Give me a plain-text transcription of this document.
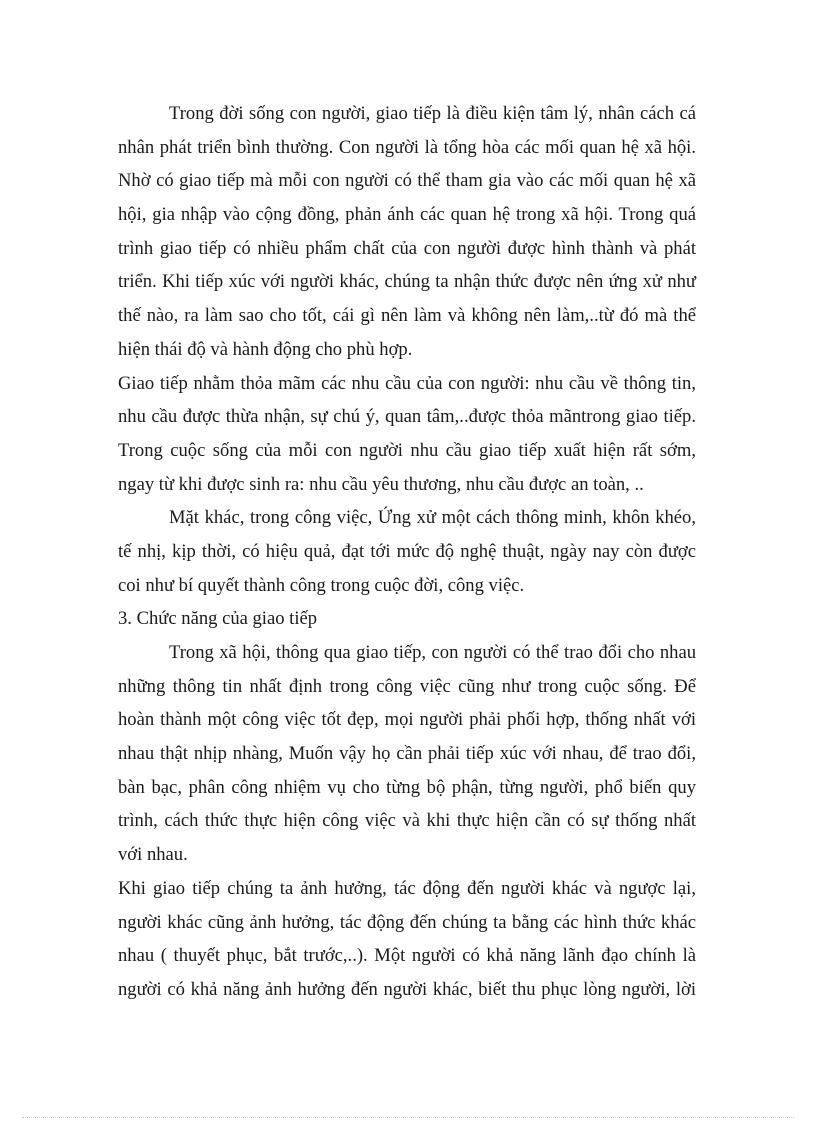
Trong đời sống con người, giao tiếp là điều kiện tâm lý, nhân cách cá
nhân phát triển bình thường. Con người là tổng hòa các mối quan hệ xã hội.
Nhờ có giao tiếp mà mỗi con người có thể tham gia vào các mối quan hệ xã
hội, gia nhập vào cộng đồng, phản ánh các quan hệ trong xã hội. Trong quá
trình giao tiếp có nhiều phẩm chất của con người được hình thành và phát
triển. Khi tiếp xúc với người khác, chúng ta nhận thức được nên ứng xử như
thế nào, ra làm sao cho tốt, cái gì nên làm và không nên làm,..từ đó mà thể
hiện thái độ và hành động cho phù hợp.
Giao tiếp nhằm thỏa mãm các nhu cầu của con người: nhu cầu về thông tin,
nhu cầu được thừa nhận, sự chú ý, quan tâm,..được thỏa mãntrong giao tiếp.
Trong cuộc sống của mỗi con người nhu cầu giao tiếp xuất hiện rất sớm,
ngay từ khi được sinh ra: nhu cầu yêu thương, nhu cầu được an toàn, ..
Mặt khác, trong công việc, Ứng xử một cách thông minh, khôn khéo,
tế nhị, kịp thời, có hiệu quả, đạt tới mức độ nghệ thuật, ngày nay còn được
coi như bí quyết thành công trong cuộc đời, công việc.
3. Chức năng của giao tiếp
Trong xã hội, thông qua giao tiếp, con người có thể trao đổi cho nhau
những thông tin nhất định trong công việc cũng như trong cuộc sống. Để
hoàn thành một công việc tốt đẹp, mọi người phải phối hợp, thống nhất với
nhau thật nhịp nhàng, Muốn vậy họ cần phải tiếp xúc với nhau, để trao đổi,
bàn bạc, phân công nhiệm vụ cho từng bộ phận, từng người, phổ biến quy
trình, cách thức thực hiện công việc và khi thực hiện cần có sự thống nhất
với nhau.
Khi giao tiếp chúng ta ảnh hưởng, tác động đến người khác và ngược lại,
người khác cũng ảnh hưởng, tác động đến chúng ta bằng các hình thức khác
nhau ( thuyết phục, bắt trước,..). Một người có khả năng lãnh đạo chính là
người có khả năng ảnh hưởng đến người khác, biết thu phục lòng người, lời
